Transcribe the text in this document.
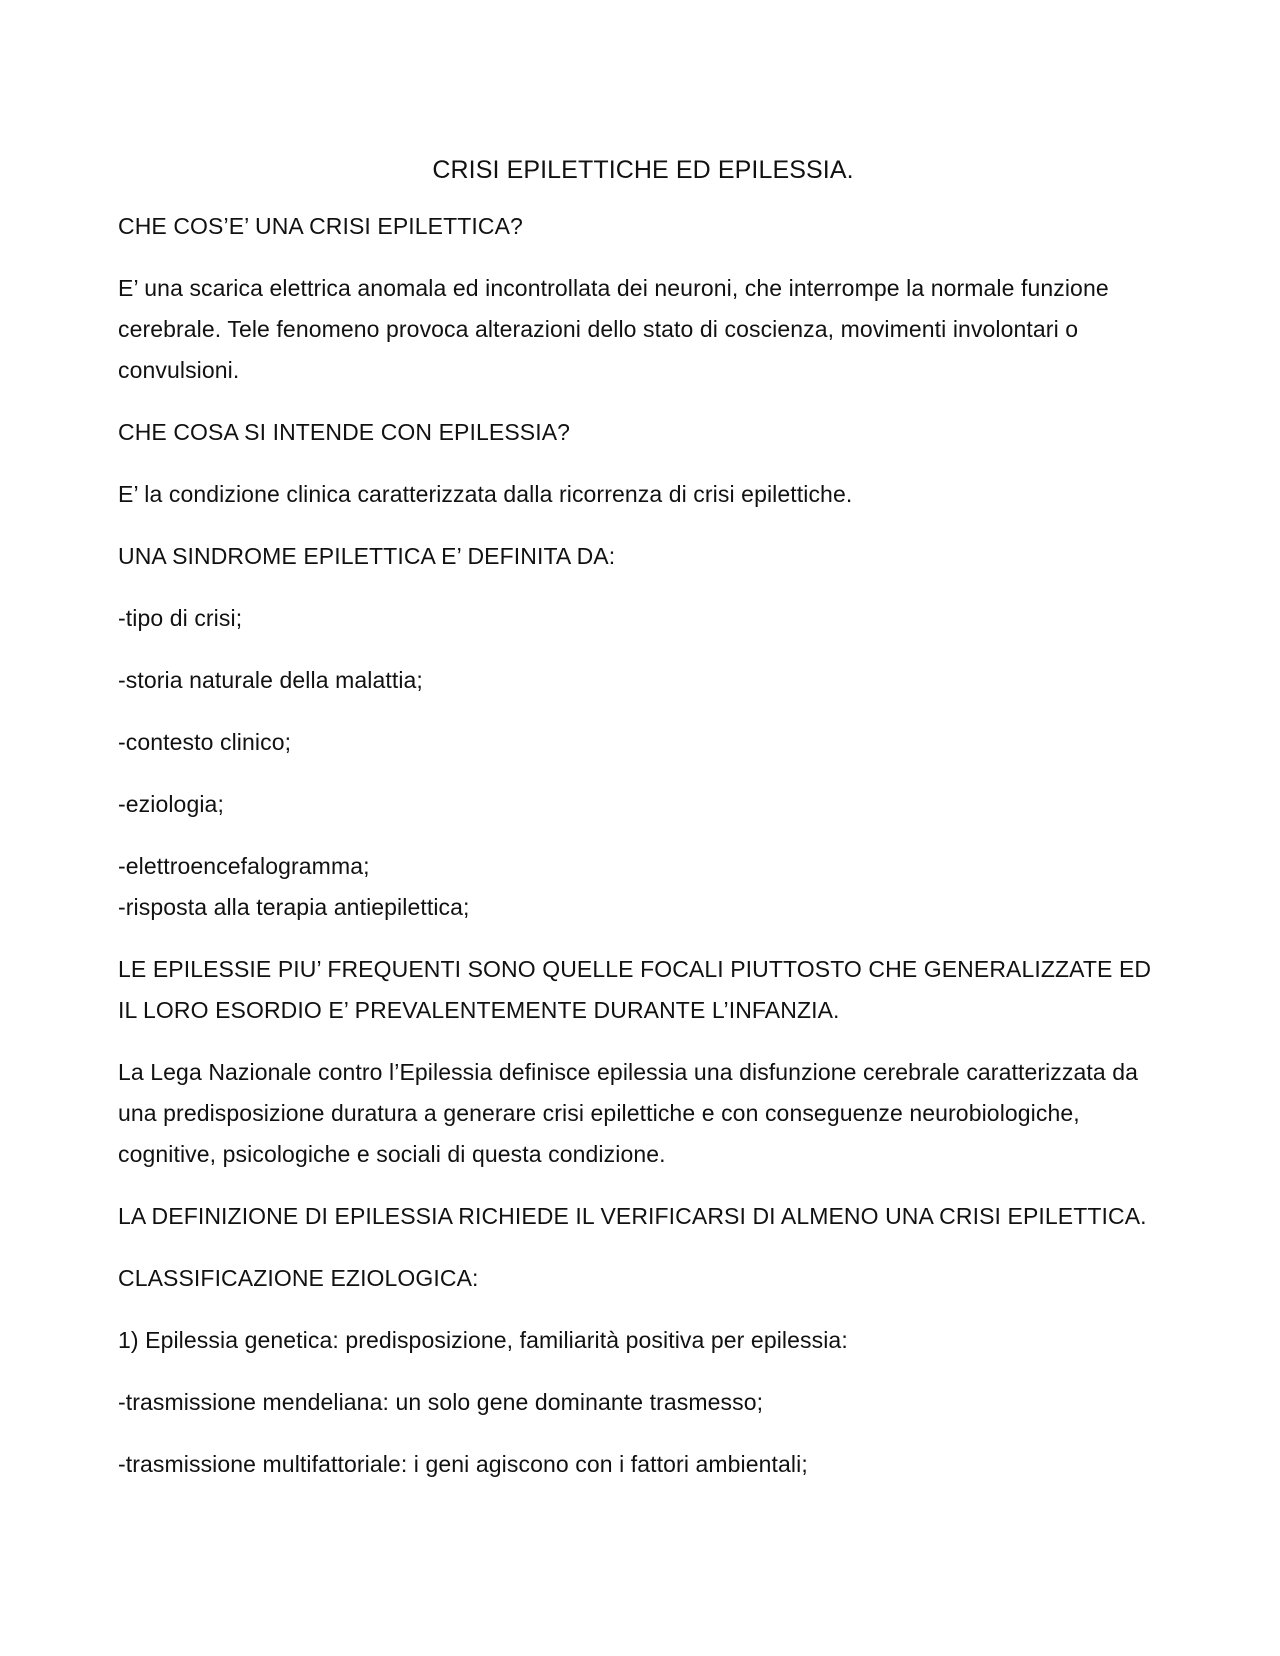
CRISI EPILETTICHE ED EPILESSIA.
CHE COS’E’ UNA CRISI EPILETTICA?
E’ una scarica elettrica anomala ed incontrollata dei neuroni, che interrompe la normale funzione cerebrale. Tele fenomeno provoca alterazioni dello stato di coscienza, movimenti involontari o convulsioni.
CHE COSA SI INTENDE CON EPILESSIA?
E’ la condizione clinica caratterizzata dalla ricorrenza di crisi epilettiche.
UNA SINDROME EPILETTICA E’ DEFINITA DA:
-tipo di crisi;
-storia naturale della malattia;
-contesto clinico;
-eziologia;
-elettroencefalogramma;
-risposta alla terapia antiepilettica;
LE EPILESSIE PIU’ FREQUENTI SONO QUELLE FOCALI PIUTTOSTO CHE GENERALIZZATE ED IL LORO ESORDIO E’ PREVALENTEMENTE DURANTE L’INFANZIA.
La Lega Nazionale contro l’Epilessia definisce epilessia una disfunzione cerebrale caratterizzata da una predisposizione duratura a generare crisi epilettiche e con conseguenze neurobiologiche, cognitive, psicologiche e sociali di questa condizione.
LA DEFINIZIONE DI EPILESSIA RICHIEDE IL VERIFICARSI DI ALMENO UNA CRISI EPILETTICA.
CLASSIFICAZIONE EZIOLOGICA:
1) Epilessia genetica: predisposizione, familiarità positiva per epilessia:
-trasmissione mendeliana: un solo gene dominante trasmesso;
-trasmissione multifattoriale: i geni agiscono con i fattori ambientali;
